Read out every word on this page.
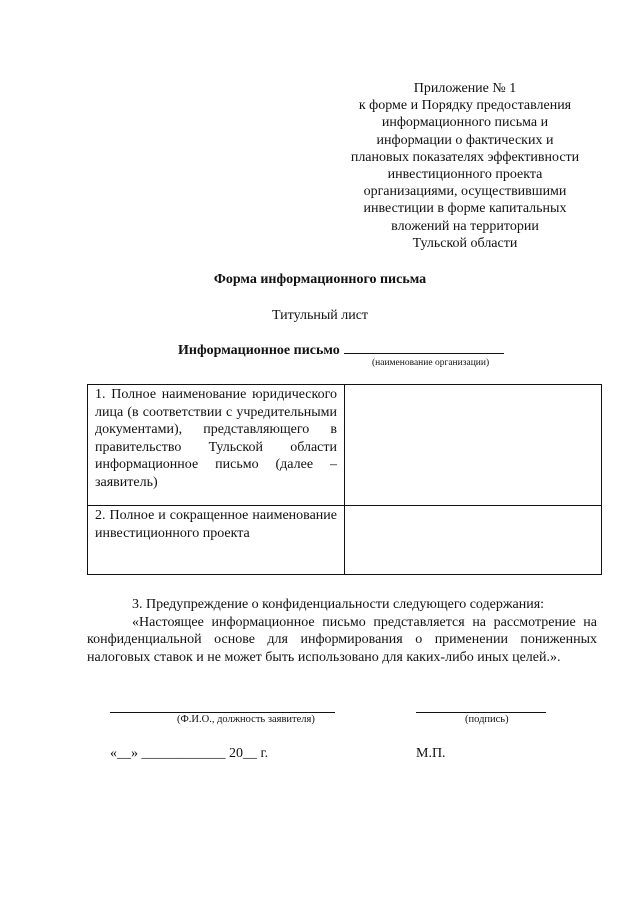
Приложение № 1
к форме и Порядку предоставления
информационного письма и
информации о фактических и
плановых показателях эффективности
инвестиционного проекта
организациями, осуществившими
инвестиции в форме капитальных
вложений на территории
Тульской области
Форма информационного письма
Титульный лист
Информационное письмо
(наименование организации)
1. Полное наименование юридического лица (в соответствии с учредительными документами), представляющего в правительство Тульской области информационное письмо (далее – заявитель)	
2. Полное и сокращенное наименование инвестиционного проекта	

3. Предупреждение о конфиденциальности следующего содержания:

«Настоящее информационное письмо представляется на рассмотрение на конфиденциальной основе для информирования о применении пониженных налоговых ставок и не может быть использовано для каких-либо иных целей.».

(Ф.И.О., должность заявителя)	(подпись)
«__» ____________ 20__ г.	М.П.
